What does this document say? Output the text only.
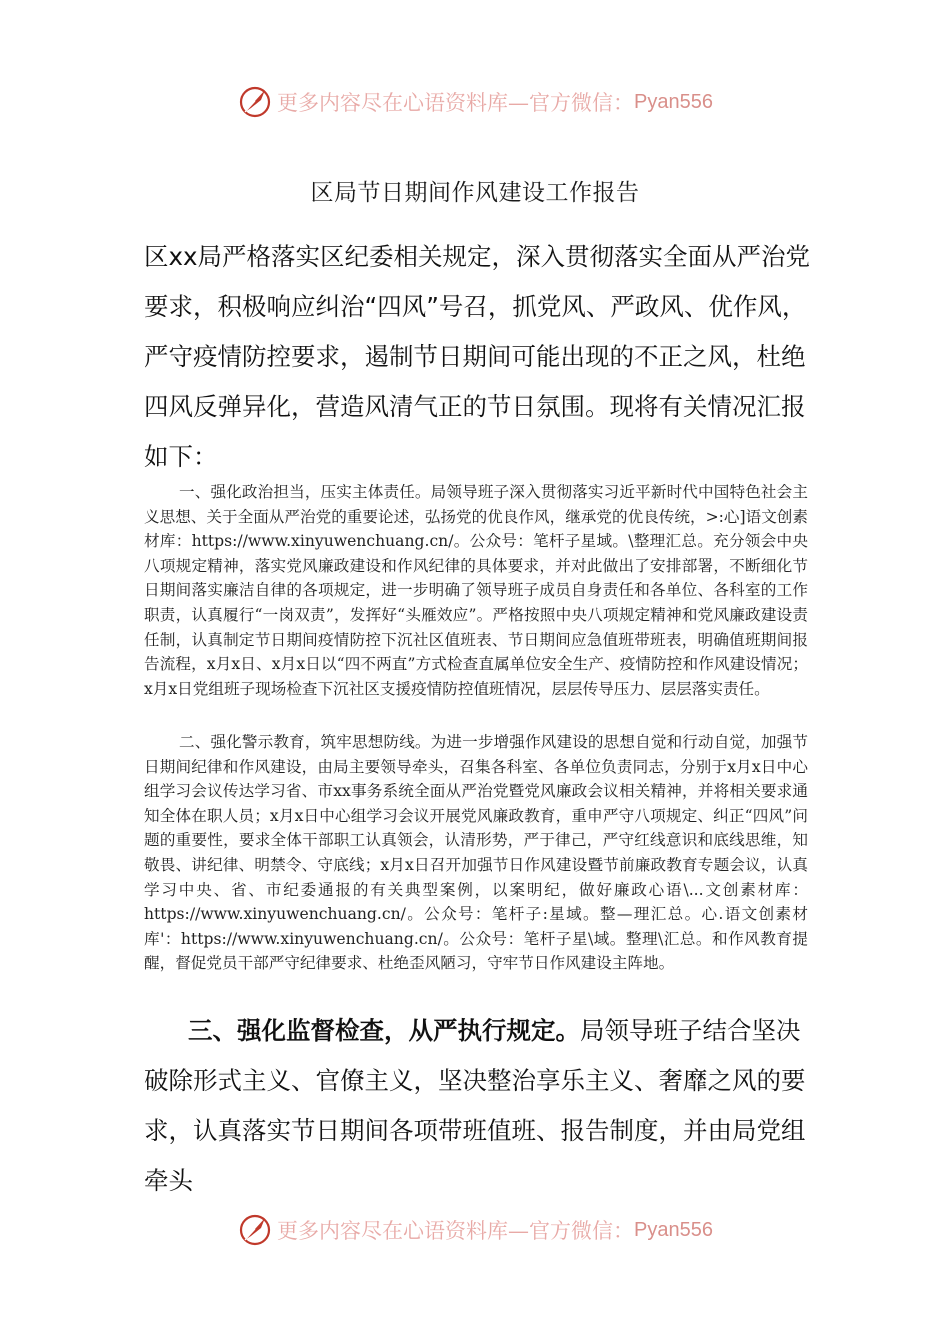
更多内容尽在心语资料库—官方微信： Pyan556
区局节日期间作风建设工作报告
区xx局严格落实区纪委相关规定，深入贯彻落实全面从严治党要求，积极响应纠治“四风”号召，抓党风、严政风、优作风，严守疫情防控要求，遏制节日期间可能出现的不正之风，杜绝四风反弹异化，营造风清气正的节日氛围。现将有关情况汇报如下：
一、强化政治担当，压实主体责任。局领导班子深入贯彻落实习近平新时代中国特色社会主义思想、关于全面从严治党的重要论述，弘扬党的优良作风，继承党的优良传统，>:心]语文创素材库：https://www.xinyuwenchuang.cn/。公众号：笔杆子星域。\整理汇总。充分领会中央八项规定精神，落实党风廉政建设和作风纪律的具体要求，并对此做出了安排部署，不断细化节日期间落实廉洁自律的各项规定，进一步明确了领导班子成员自身责任和各单位、各科室的工作职责，认真履行“一岗双责”，发挥好“头雁效应”。严格按照中央八项规定精神和党风廉政建设责任制，认真制定节日期间疫情防控下沉社区值班表、节日期间应急值班带班表，明确值班期间报告流程，x月x日、x月x日以“四不两直”方式检查直属单位安全生产、疫情防控和作风建设情况；x月x日党组班子现场检查下沉社区支援疫情防控值班情况，层层传导压力、层层落实责任。
二、强化警示教育，筑牢思想防线。为进一步增强作风建设的思想自觉和行动自觉，加强节日期间纪律和作风建设，由局主要领导牵头，召集各科室、各单位负责同志，分别于x月x日中心组学习会议传达学习省、市xx事务系统全面从严治党暨党风廉政会议相关精神，并将相关要求通知全体在职人员；x月x日中心组学习会议开展党风廉政教育，重申严守八项规定、纠正“四风”问题的重要性，要求全体干部职工认真领会，认清形势，严于律己，严守红线意识和底线思维，知敬畏、讲纪律、明禁令、守底线；x月x日召开加强节日作风建设暨节前廉政教育专题会议，认真学习中央、省、市纪委通报的有关典型案例，以案明纪，做好廉政心语\...文创素材库：https://www.xinyuwenchuang.cn/。公众号：笔杆子:星域。整—理汇总。心.语文创素材库'：https://www.xinyuwenchuang.cn/。公众号：笔杆子星\域。整理\汇总。和作风教育提醒，督促党员干部严守纪律要求、杜绝歪风陋习，守牢节日作风建设主阵地。
三、强化监督检查，从严执行规定。局领导班子结合坚决破除形式主义、官僚主义，坚决整治享乐主义、奢靡之风的要求，认真落实节日期间各项带班值班、报告制度，并由局党组牵头
更多内容尽在心语资料库—官方微信： Pyan556
